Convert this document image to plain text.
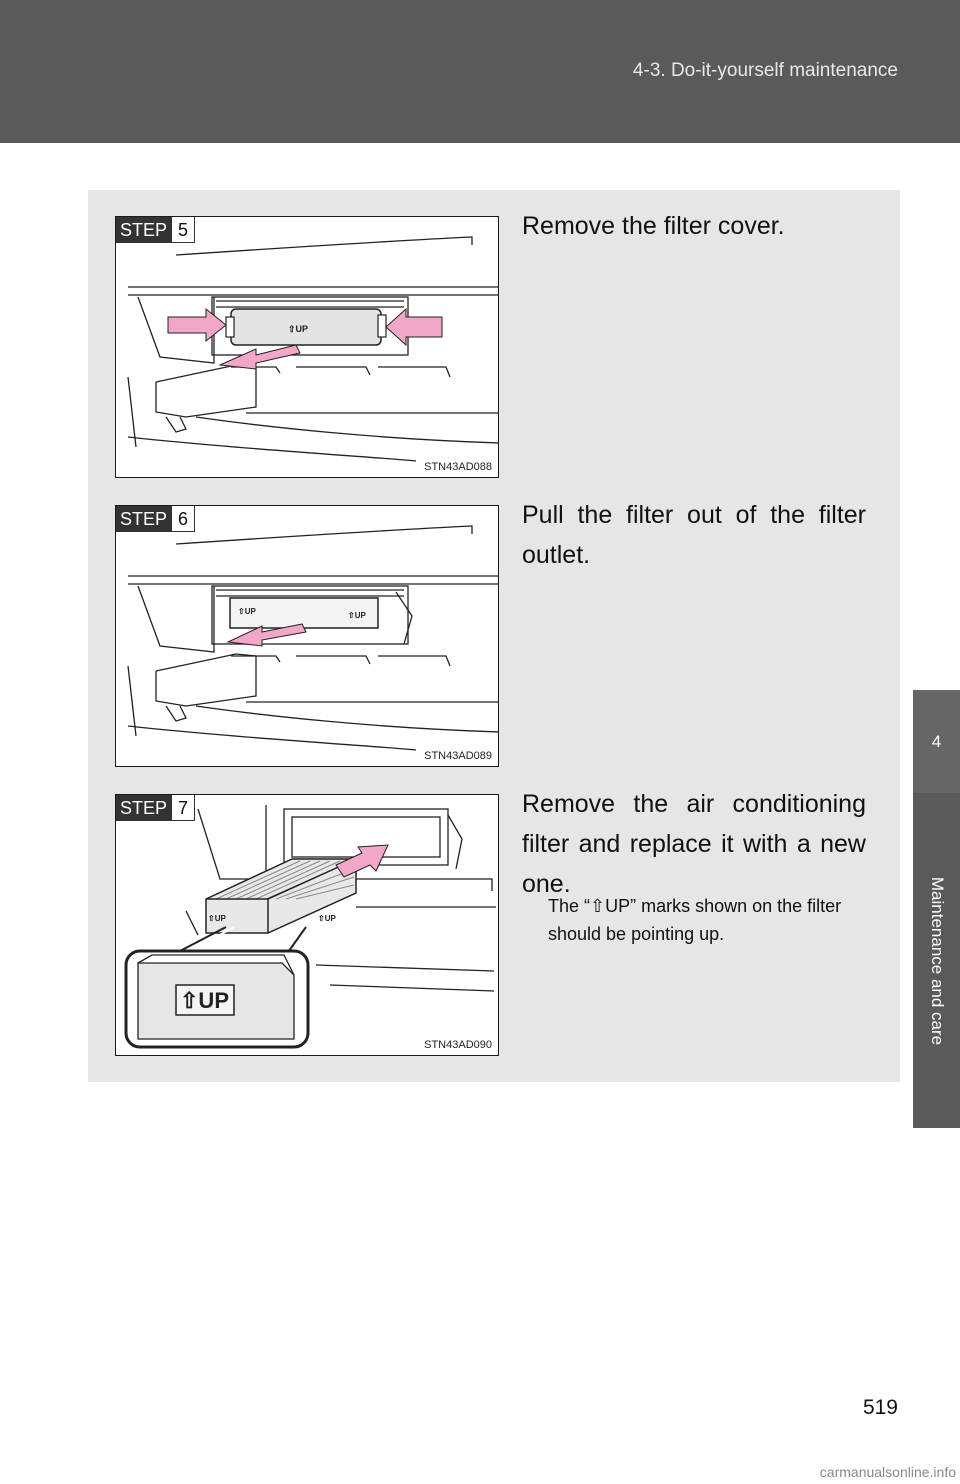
4-3. Do-it-yourself maintenance
4
Maintenance and care
⇧UP
STEP 5
STN43AD088
Remove the filter cover.
⇧UP	⇧UP
STEP 6
STN43AD089
Pull the filter out of the filter outlet.
⇧UP	⇧UP
⇧UP
STEP 7
STN43AD090
Remove the air conditioning filter and replace it with a new one.
The “⇧UP” marks shown on the filter should be pointing up.
519
carmanualsonline.info
